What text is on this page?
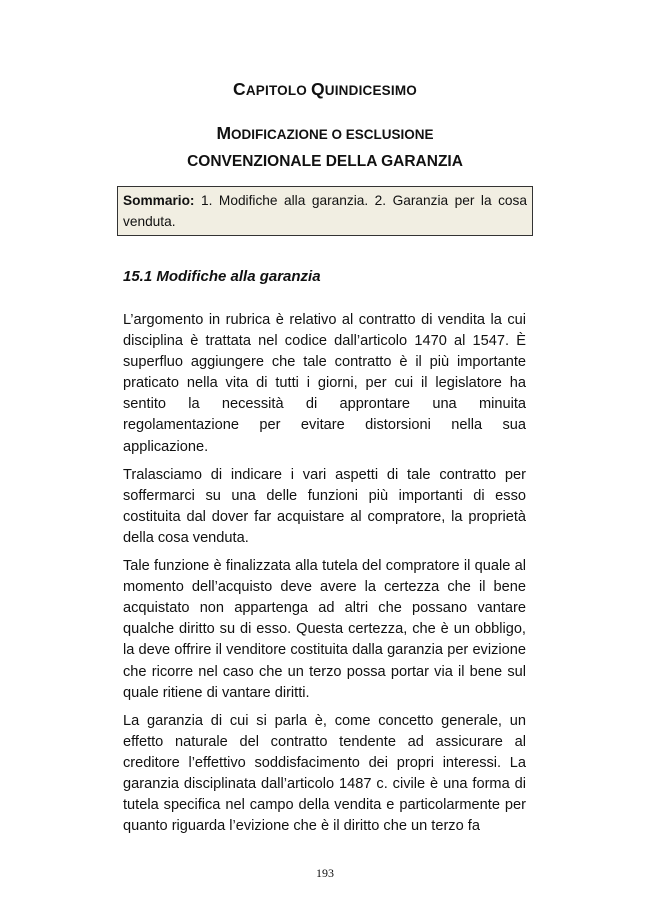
CAPITOLO QUINDICESIMO
MODIFICAZIONE O ESCLUSIONE
CONVENZIONALE DELLA GARANZIA
Sommario: 1. Modifiche alla garanzia. 2. Garanzia per la cosa venduta.
15.1 Modifiche alla garanzia

L’argomento in rubrica è relativo al contratto di vendita la cui disciplina è trattata nel codice dall’articolo 1470 al 1547. È superfluo aggiungere che tale contratto è il più importante praticato nella vita di tutti i giorni, per cui il legislatore ha sentito la necessità di approntare una minuita regolamentazione per evitare distorsioni nella sua applicazione.

Tralasciamo di indicare i vari aspetti di tale contratto per soffermarci su una delle funzioni più importanti di esso costituita dal dover far acquistare al compratore, la proprietà della cosa venduta.

Tale funzione è finalizzata alla tutela del compratore il quale al momento dell’acquisto deve avere la certezza che il bene acquistato non appartenga ad altri che possano vantare qualche diritto su di esso. Questa certezza, che è un obbligo, la deve offrire il venditore costituita dalla garanzia per evizione che ricorre nel caso che un terzo possa portar via il bene sul quale ritiene di vantare diritti.

La garanzia di cui si parla è, come concetto generale, un effetto naturale del contratto tendente ad assicurare al creditore l’effettivo soddisfacimento dei propri interessi. La garanzia disciplinata dall’articolo 1487 c. civile è una forma di tutela specifica nel campo della vendita e particolarmente per quanto riguarda l’evizione che è il diritto che un terzo fa

193
